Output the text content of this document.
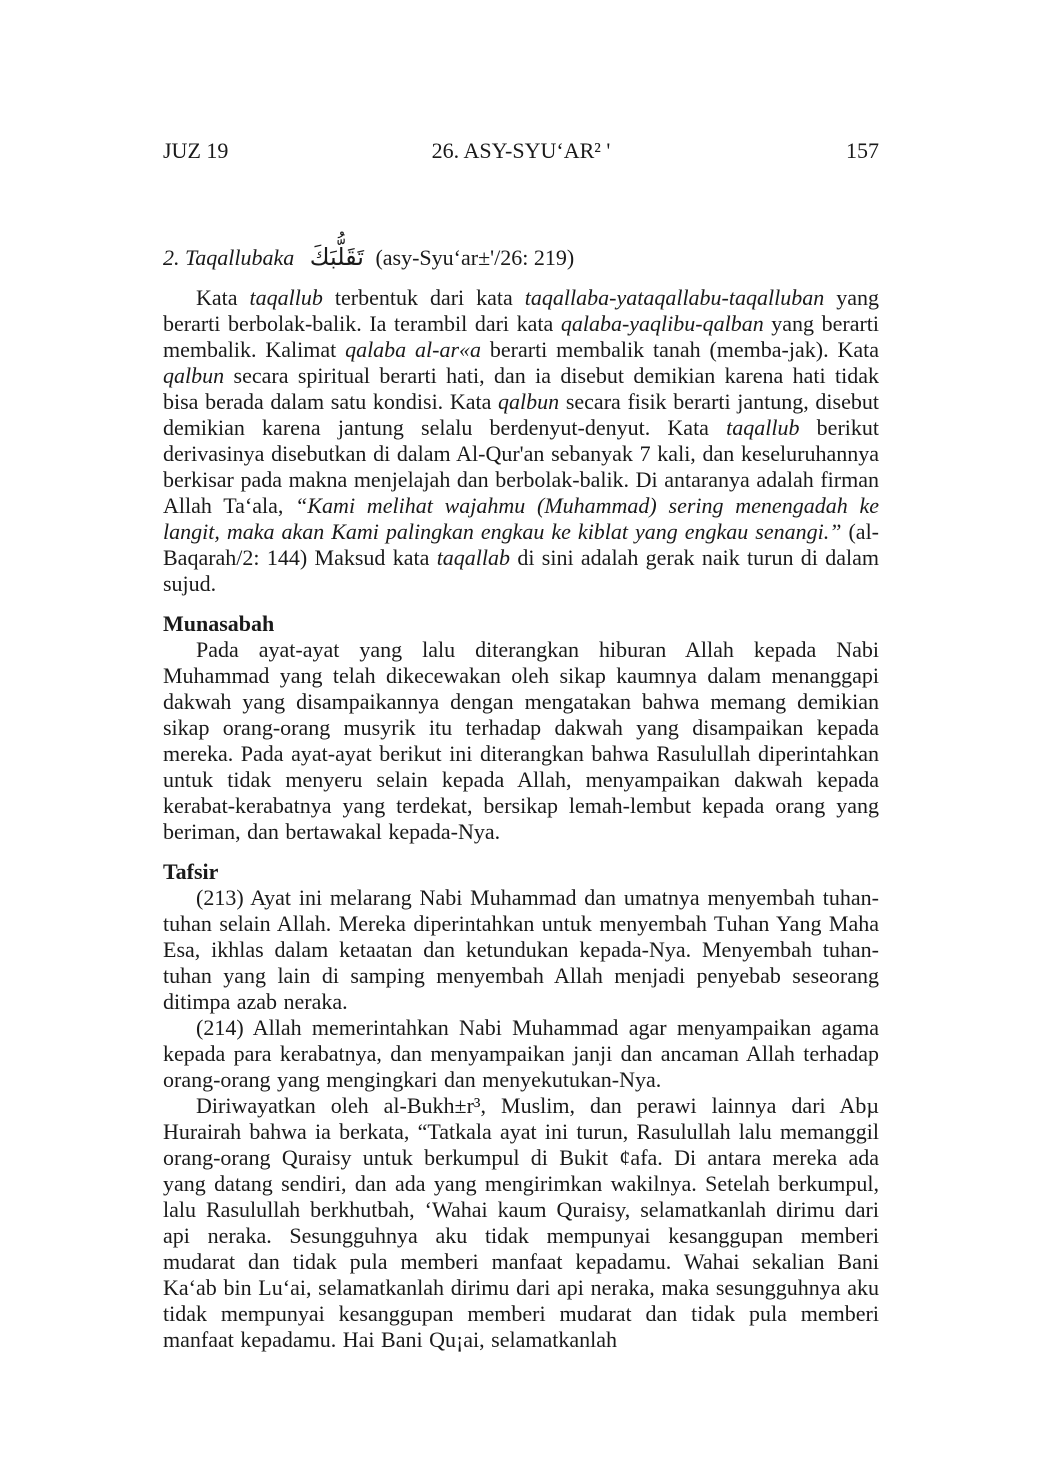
JUZ 19	26. ASY-SYU‘AR² '	157
2. Taqallubaka تَقَلُّبَكَ (asy-Syu‘ar±'/26: 219)

Kata taqallub terbentuk dari kata taqallaba-yataqallabu-taqalluban yang berarti berbolak-balik. Ia terambil dari kata qalaba-yaqlibu-qalban yang berarti membalik. Kalimat qalaba al-ar«a berarti membalik tanah (memba-jak). Kata qalbun secara spiritual berarti hati, dan ia disebut demikian karena hati tidak bisa berada dalam satu kondisi. Kata qalbun secara fisik berarti jantung, disebut demikian karena jantung selalu berdenyut-denyut. Kata taqallub berikut derivasinya disebutkan di dalam Al-Qur'an sebanyak 7 kali, dan keseluruhannya berkisar pada makna menjelajah dan berbolak-balik. Di antaranya adalah firman Allah Ta‘ala, “Kami melihat wajahmu (Muhammad) sering menengadah ke langit, maka akan Kami palingkan engkau ke kiblat yang engkau senangi.” (al-Baqarah/2: 144) Maksud kata taqallab di sini adalah gerak naik turun di dalam sujud.

Munasabah

Pada ayat-ayat yang lalu diterangkan hiburan Allah kepada Nabi Muhammad yang telah dikecewakan oleh sikap kaumnya dalam menanggapi dakwah yang disampaikannya dengan mengatakan bahwa memang demikian sikap orang-orang musyrik itu terhadap dakwah yang disampaikan kepada mereka. Pada ayat-ayat berikut ini diterangkan bahwa Rasulullah diperintahkan untuk tidak menyeru selain kepada Allah, menyampaikan dakwah kepada kerabat-kerabatnya yang terdekat, bersikap lemah-lembut kepada orang yang beriman, dan bertawakal kepada-Nya.

Tafsir

(213) Ayat ini melarang Nabi Muhammad dan umatnya menyembah tuhan-tuhan selain Allah. Mereka diperintahkan untuk menyembah Tuhan Yang Maha Esa, ikhlas dalam ketaatan dan ketundukan kepada-Nya. Menyembah tuhan-tuhan yang lain di samping menyembah Allah menjadi penyebab seseorang ditimpa azab neraka.

(214) Allah memerintahkan Nabi Muhammad agar menyampaikan agama kepada para kerabatnya, dan menyampaikan janji dan ancaman Allah terhadap orang-orang yang mengingkari dan menyekutukan-Nya.

Diriwayatkan oleh al-Bukh±r³, Muslim, dan perawi lainnya dari Abµ Hurairah bahwa ia berkata, “Tatkala ayat ini turun, Rasulullah lalu memanggil orang-orang Quraisy untuk berkumpul di Bukit ¢afa. Di antara mereka ada yang datang sendiri, dan ada yang mengirimkan wakilnya. Setelah berkumpul, lalu Rasulullah berkhutbah, ‘Wahai kaum Quraisy, selamatkanlah dirimu dari api neraka. Sesungguhnya aku tidak mempunyai kesanggupan memberi mudarat dan tidak pula memberi manfaat kepadamu. Wahai sekalian Bani Ka‘ab bin Lu‘ai, selamatkanlah dirimu dari api neraka, maka sesungguhnya aku tidak mempunyai kesanggupan memberi mudarat dan tidak pula memberi manfaat kepadamu. Hai Bani Qu¡ai, selamatkanlah
